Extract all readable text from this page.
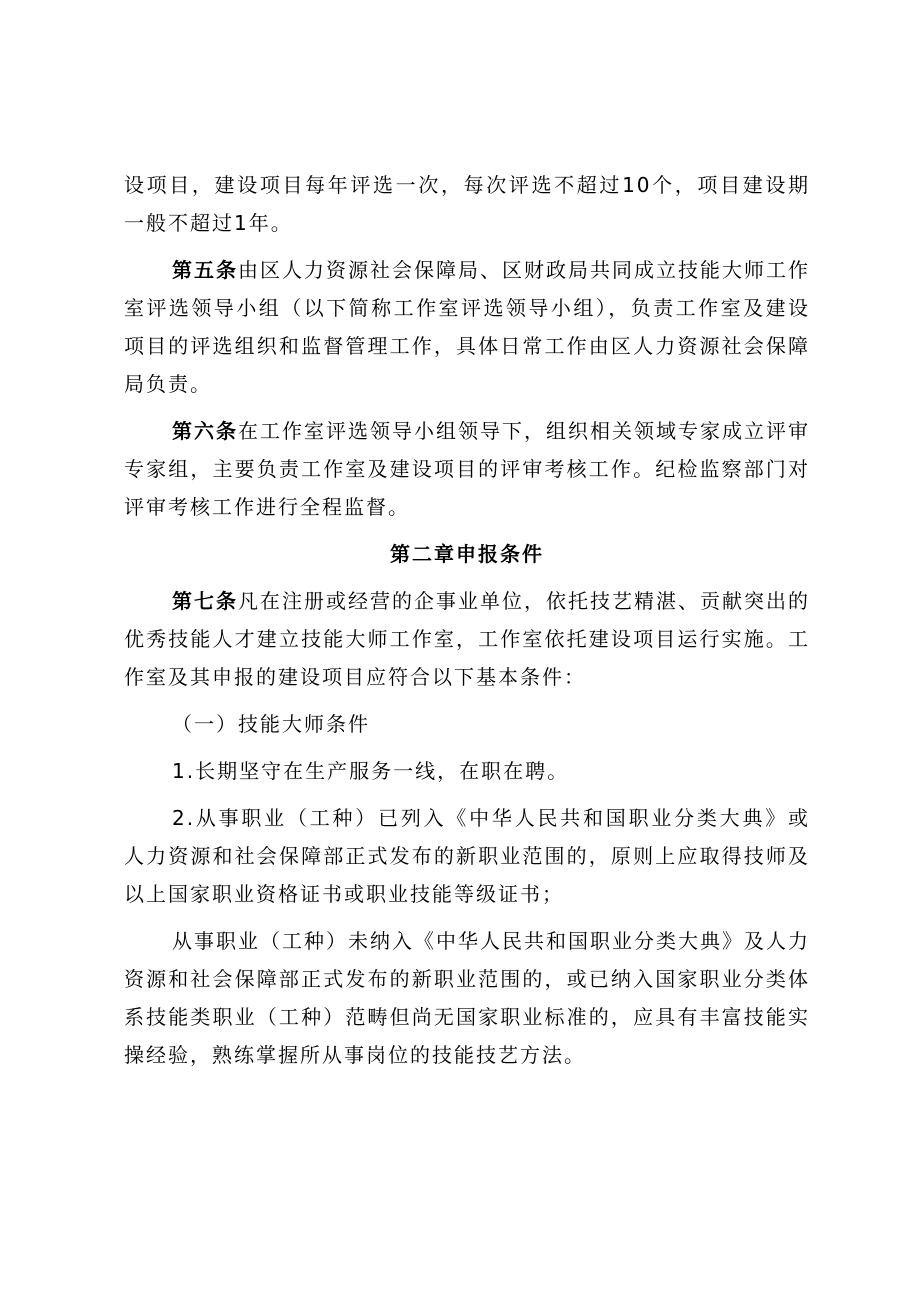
设项目，建设项目每年评选一次，每次评选不超过10个，项目建设期一般不超过1年。

第五条由区人力资源社会保障局、区财政局共同成立技能大师工作室评选领导小组（以下简称工作室评选领导小组），负责工作室及建设项目的评选组织和监督管理工作，具体日常工作由区人力资源社会保障局负责。

第六条在工作室评选领导小组领导下，组织相关领域专家成立评审专家组，主要负责工作室及建设项目的评审考核工作。纪检监察部门对评审考核工作进行全程监督。

第二章申报条件

第七条凡在注册或经营的企事业单位，依托技艺精湛、贡献突出的优秀技能人才建立技能大师工作室，工作室依托建设项目运行实施。工作室及其申报的建设项目应符合以下基本条件：

（一）技能大师条件

1.长期坚守在生产服务一线，在职在聘。

2.从事职业（工种）已列入《中华人民共和国职业分类大典》或人力资源和社会保障部正式发布的新职业范围的，原则上应取得技师及以上国家职业资格证书或职业技能等级证书；

从事职业（工种）未纳入《中华人民共和国职业分类大典》及人力资源和社会保障部正式发布的新职业范围的，或已纳入国家职业分类体系技能类职业（工种）范畴但尚无国家职业标准的，应具有丰富技能实操经验，熟练掌握所从事岗位的技能技艺方法。
